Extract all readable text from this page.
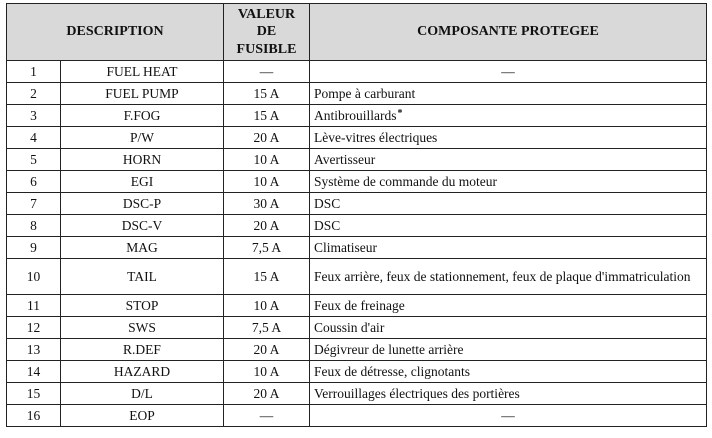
DESCRIPTION		VALEUR
DE
FUSIBLE	COMPOSANTE PROTEGEE
1	FUEL HEAT	—	—
2	FUEL PUMP	15 A	Pompe à carburant
3	F.FOG	15 A	Antibrouillards*
4	P/W	20 A	Lève-vitres électriques
5	HORN	10 A	Avertisseur
6	EGI	10 A	Système de commande du moteur
7	DSC-P	30 A	DSC
8	DSC-V	20 A	DSC
9	MAG	7,5 A	Climatiseur
10	TAIL	15 A	Feux arrière, feux de stationnement, feux de plaque d'immatriculation
11	STOP	10 A	Feux de freinage
12	SWS	7,5 A	Coussin d'air
13	R.DEF	20 A	Dégivreur de lunette arrière
14	HAZARD	10 A	Feux de détresse, clignotants
15	D/L	20 A	Verrouillages électriques des portières
16	EOP	—	—
